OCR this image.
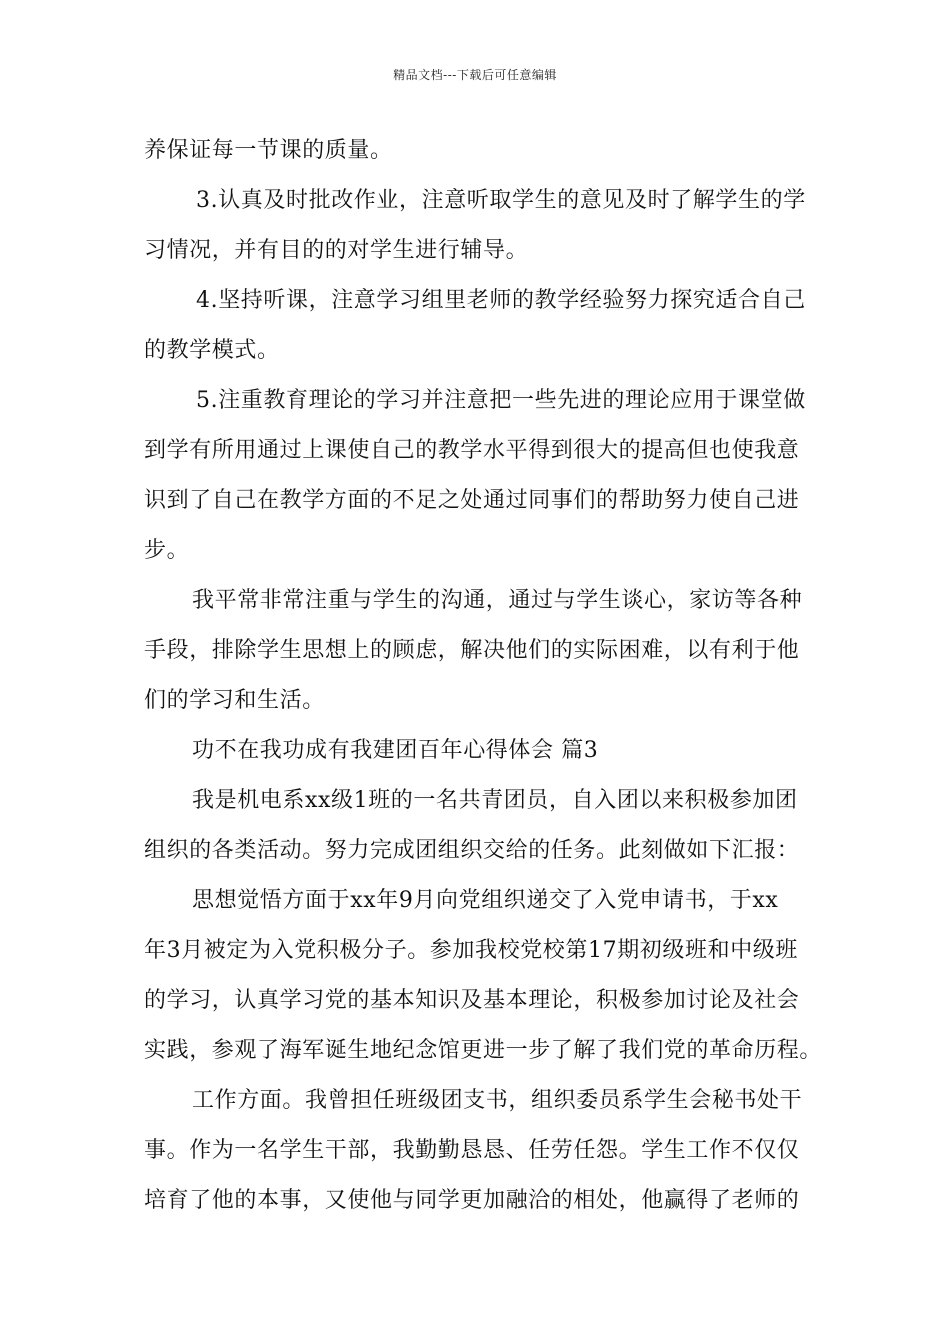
精品文档---下载后可任意编辑
养保证每一节课的质量。
3.认真及时批改作业，注意听取学生的意见及时了解学生的学
习情况，并有目的的对学生进行辅导。
4.坚持听课，注意学习组里老师的教学经验努力探究适合自己
的教学模式。
5.注重教育理论的学习并注意把一些先进的理论应用于课堂做
到学有所用通过上课使自己的教学水平得到很大的提高但也使我意
识到了自己在教学方面的不足之处通过同事们的帮助努力使自己进
步。
我平常非常注重与学生的沟通，通过与学生谈心，家访等各种
手段，排除学生思想上的顾虑，解决他们的实际困难，以有利于他
们的学习和生活。
功不在我功成有我建团百年心得体会 篇3
我是机电系xx级1班的一名共青团员，自入团以来积极参加团
组织的各类活动。努力完成团组织交给的任务。此刻做如下汇报：
思想觉悟方面于xx年9月向党组织递交了入党申请书，于xx
年3月被定为入党积极分子。参加我校党校第17期初级班和中级班
的学习，认真学习党的基本知识及基本理论，积极参加讨论及社会
实践，参观了海军诞生地纪念馆更进一步了解了我们党的革命历程。
工作方面。我曾担任班级团支书，组织委员系学生会秘书处干
事。作为一名学生干部，我勤勤恳恳、任劳任怨。学生工作不仅仅
培育了他的本事，又使他与同学更加融洽的相处，他赢得了老师的
